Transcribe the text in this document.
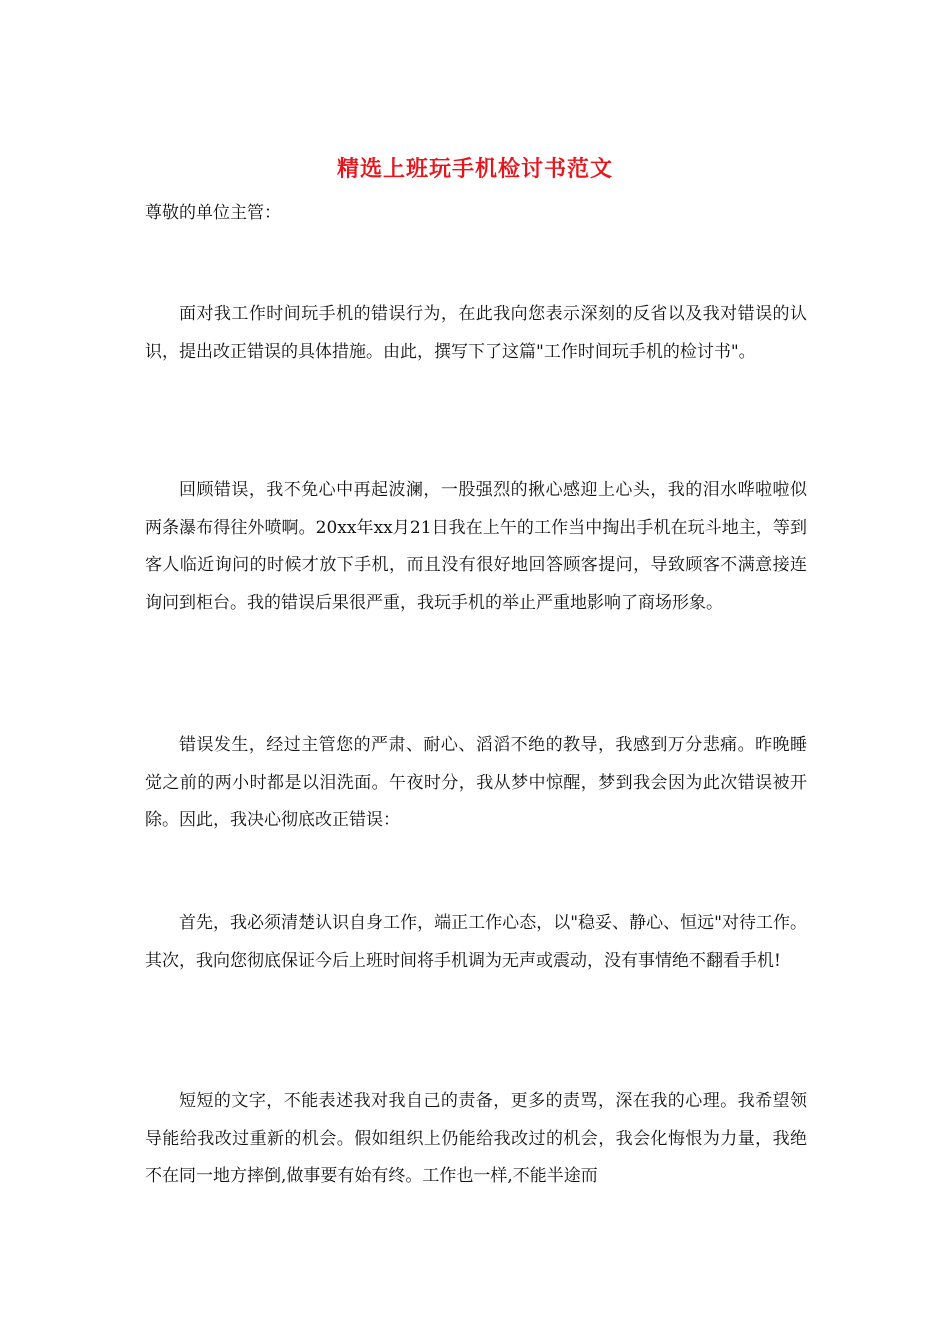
精选上班玩手机检讨书范文
尊敬的单位主管：

面对我工作时间玩手机的错误行为，在此我向您表示深刻的反省以及我对错误的认识，提出改正错误的具体措施。由此，撰写下了这篇"工作时间玩手机的检讨书"。

回顾错误，我不免心中再起波澜，一股强烈的揪心感迎上心头，我的泪水哗啦啦似两条瀑布得往外喷啊。20xx年xx月21日我在上午的工作当中掏出手机在玩斗地主，等到客人临近询问的时候才放下手机，而且没有很好地回答顾客提问，导致顾客不满意接连询问到柜台。我的错误后果很严重，我玩手机的举止严重地影响了商场形象。

错误发生，经过主管您的严肃、耐心、滔滔不绝的教导，我感到万分悲痛。昨晚睡觉之前的两小时都是以泪洗面。午夜时分，我从梦中惊醒，梦到我会因为此次错误被开除。因此，我决心彻底改正错误：

首先，我必须清楚认识自身工作，端正工作心态，以"稳妥、静心、恒远"对待工作。其次，我向您彻底保证今后上班时间将手机调为无声或震动，没有事情绝不翻看手机!

短短的文字，不能表述我对我自己的责备，更多的责骂，深在我的心理。我希望领导能给我改过重新的机会。假如组织上仍能给我改过的机会，我会化悔恨为力量，我绝不在同一地方摔倒,做事要有始有终。工作也一样,不能半途而
